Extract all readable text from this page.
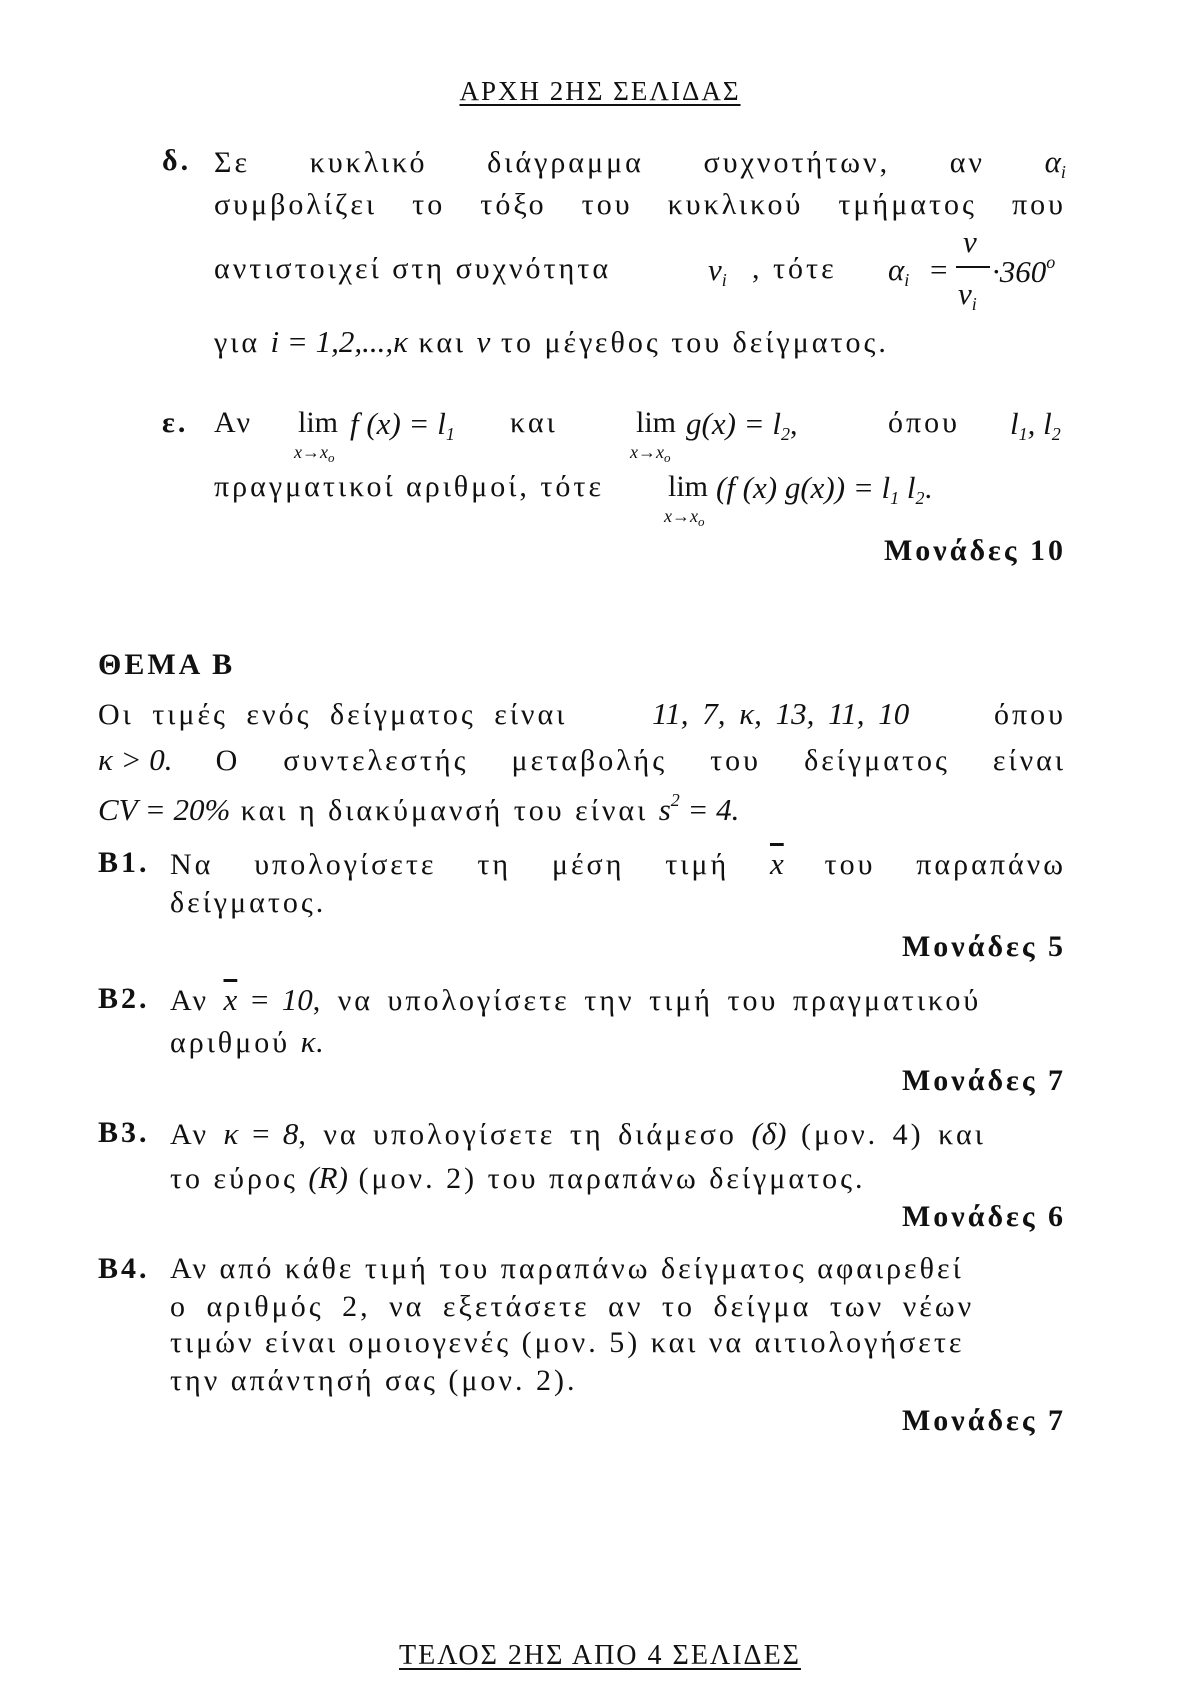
ΑΡΧΗ 2ΗΣ ΣΕΛΙΔΑΣ
δ. Σε κυκλικό διάγραμμα συχνοτήτων, αν $\alpha_i$
συμβολίζει το τόξο του κυκλικού τμήματος που
αντιστοιχεί στη συχνότητα	νi , τότε αi =
ν
νi
·360o
για i = 1,2,...,κ και ν το μέγεθος του δείγματος.
ε. Αν lim
$x\to x_o$
f (x) = l1 και	lim
$x\to x_o$
g(x) = l2,	όπου l1, l2
πραγματικοί αριθμοί, τότε lim
$x\to x_o$
(f (x) g(x)) = l1 l2.
Μονάδες 10
ΘΕΜΑ Β
Οι τιμές ενός δείγματος είναι	11, 7, κ, 13, 11, 10	όπου
κ > 0. Ο συντελεστής μεταβολής του δείγματος είναι
CV = 20% και η διακύμανσή του είναι $s^2 = 4$.
Β1. Να υπολογίσετε τη μέση τιμή $\overline{x}$ του παραπάνω
δείγματος.
Μονάδες 5
Β2. Αν $\overline{x} = 10$, να υπολογίσετε την τιμή του πραγματικού
αριθμού κ.
Μονάδες 7
Β3. Αν κ = 8, να υπολογίσετε τη διάμεσο (δ) (μον. 4) και
το εύρος (R) (μον. 2) του παραπάνω δείγματος.
Μονάδες 6
Β4. Αν από κάθε τιμή του παραπάνω δείγματος αφαιρεθεί
ο αριθμός 2, να εξετάσετε αν το δείγμα των νέων
τιμών είναι ομοιογενές (μον. 5) και να αιτιολογήσετε
την απάντησή σας (μον. 2).
Μονάδες 7
ΤΕΛΟΣ 2ΗΣ ΑΠΟ 4 ΣΕΛΙΔΕΣ
